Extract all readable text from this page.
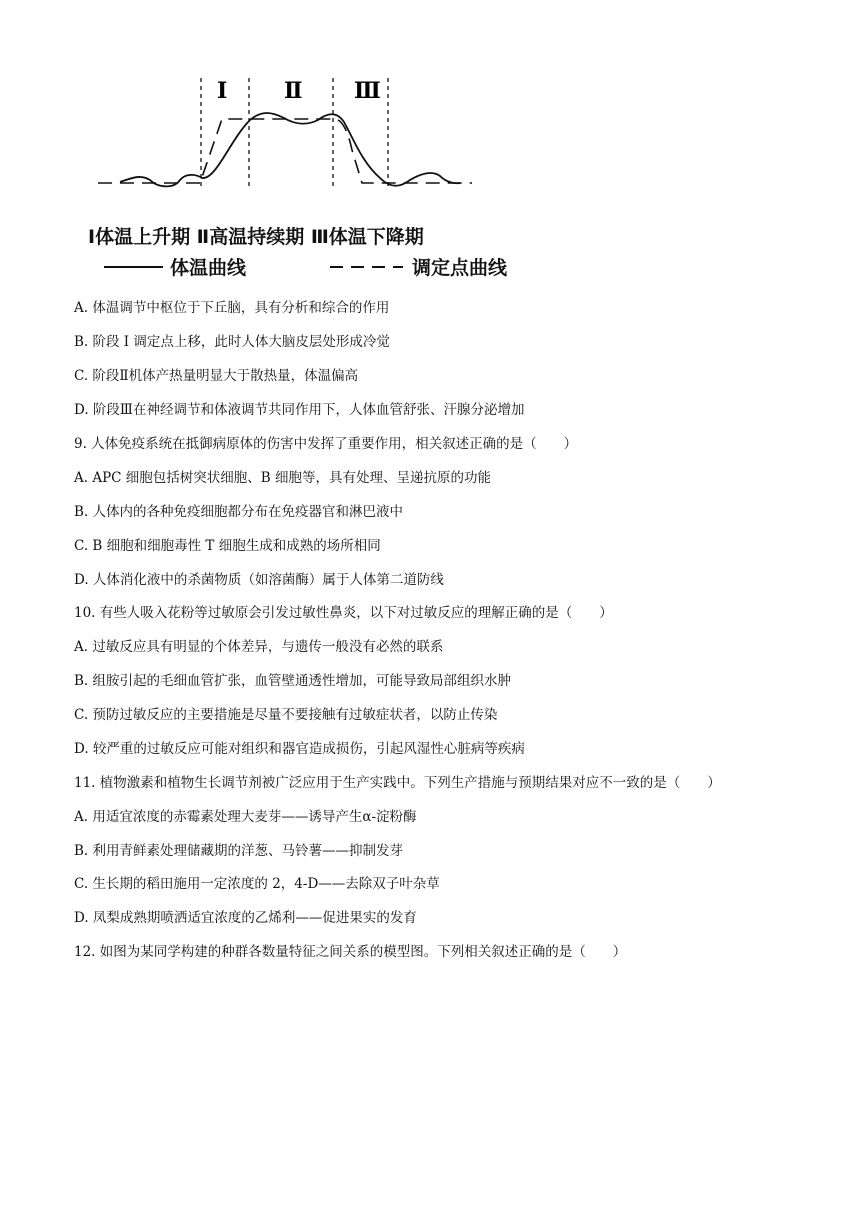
Ⅰ	Ⅱ Ⅲ
Ⅰ体温上升期 Ⅱ高温持续期 Ⅲ体温下降期
体温曲线	调定点曲线
A. 体温调节中枢位于下丘脑，具有分析和综合的作用
B. 阶段 I 调定点上移，此时人体大脑皮层处形成冷觉
C. 阶段Ⅱ机体产热量明显大于散热量，体温偏高
D. 阶段Ⅲ在神经调节和体液调节共同作用下，人体血管舒张、汗腺分泌增加
9. 人体免疫系统在抵御病原体的伤害中发挥了重要作用，相关叙述正确的是（　　）
A. APC 细胞包括树突状细胞、B 细胞等，具有处理、呈递抗原的功能
B. 人体内的各种免疫细胞都分布在免疫器官和淋巴液中
C. B 细胞和细胞毒性 T 细胞生成和成熟的场所相同
D. 人体消化液中的杀菌物质（如溶菌酶）属于人体第二道防线
10. 有些人吸入花粉等过敏原会引发过敏性鼻炎，以下对过敏反应的理解正确的是（　　）
A. 过敏反应具有明显的个体差异，与遗传一般没有必然的联系
B. 组胺引起的毛细血管扩张，血管壁通透性增加，可能导致局部组织水肿
C. 预防过敏反应的主要措施是尽量不要接触有过敏症状者，以防止传染
D. 较严重的过敏反应可能对组织和器官造成损伤，引起风湿性心脏病等疾病
11. 植物激素和植物生长调节剂被广泛应用于生产实践中。下列生产措施与预期结果对应不一致的是（　　）
A. 用适宜浓度的赤霉素处理大麦芽——诱导产生α-淀粉酶
B. 利用青鲜素处理储藏期的洋葱、马铃薯——抑制发芽
C. 生长期的稻田施用一定浓度的 2，4-D——去除双子叶杂草
D. 凤梨成熟期喷洒适宜浓度的乙烯利——促进果实的发育
12. 如图为某同学构建的种群各数量特征之间关系的模型图。下列相关叙述正确的是（　　）
